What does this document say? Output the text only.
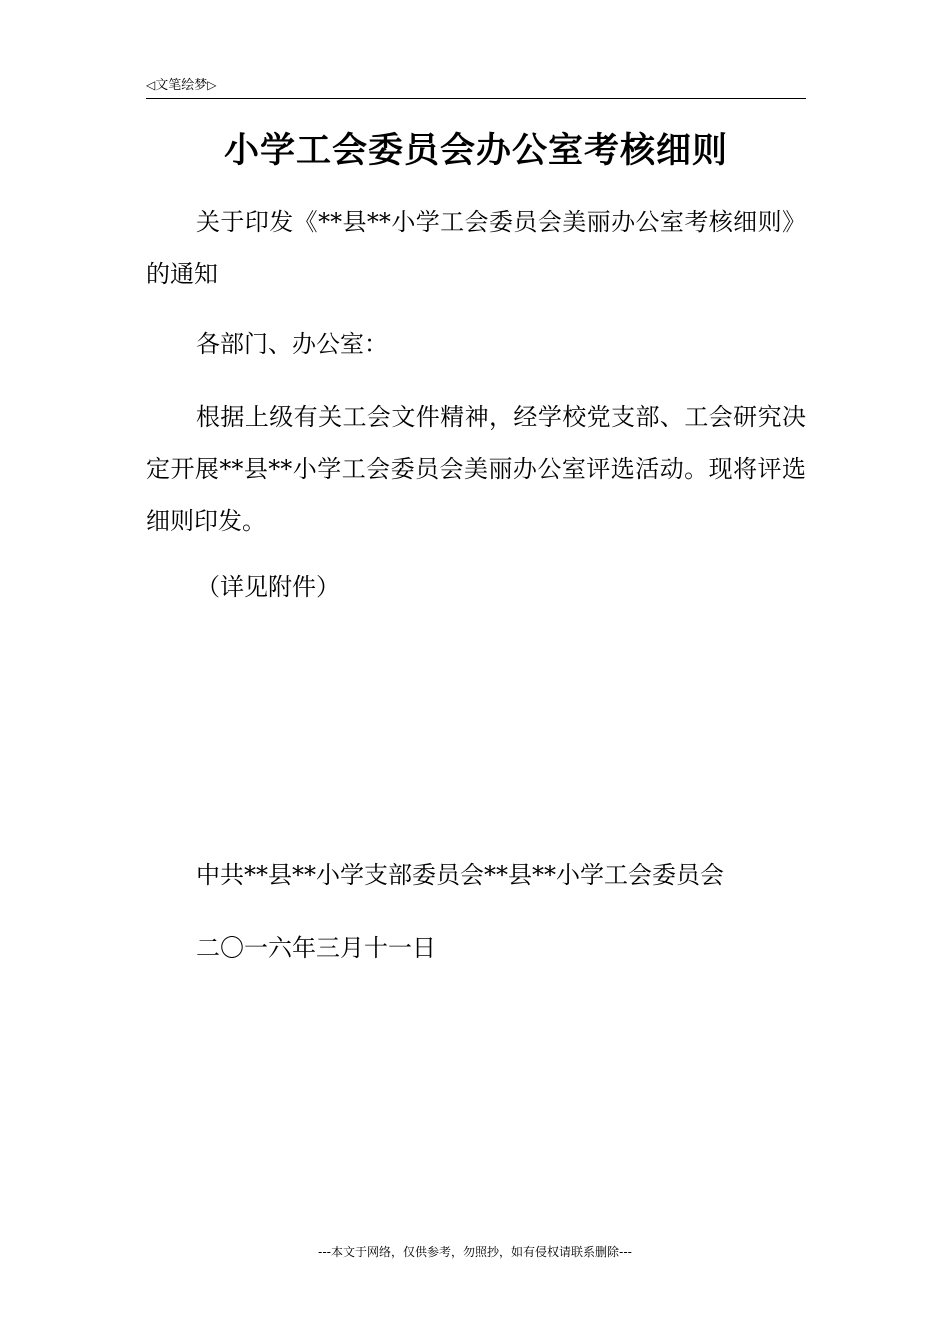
◁文笔绘梦▷
小学工会委员会办公室考核细则

关于印发《**县**小学工会委员会美丽办公室考核细则》的通知

各部门、办公室：

根据上级有关工会文件精神，经学校党支部、工会研究决定开展**县**小学工会委员会美丽办公室评选活动。现将评选细则印发。

（详见附件）

中共**县**小学支部委员会**县**小学工会委员会

二〇一六年三月十一日

---本文于网络，仅供参考，勿照抄，如有侵权请联系删除---
